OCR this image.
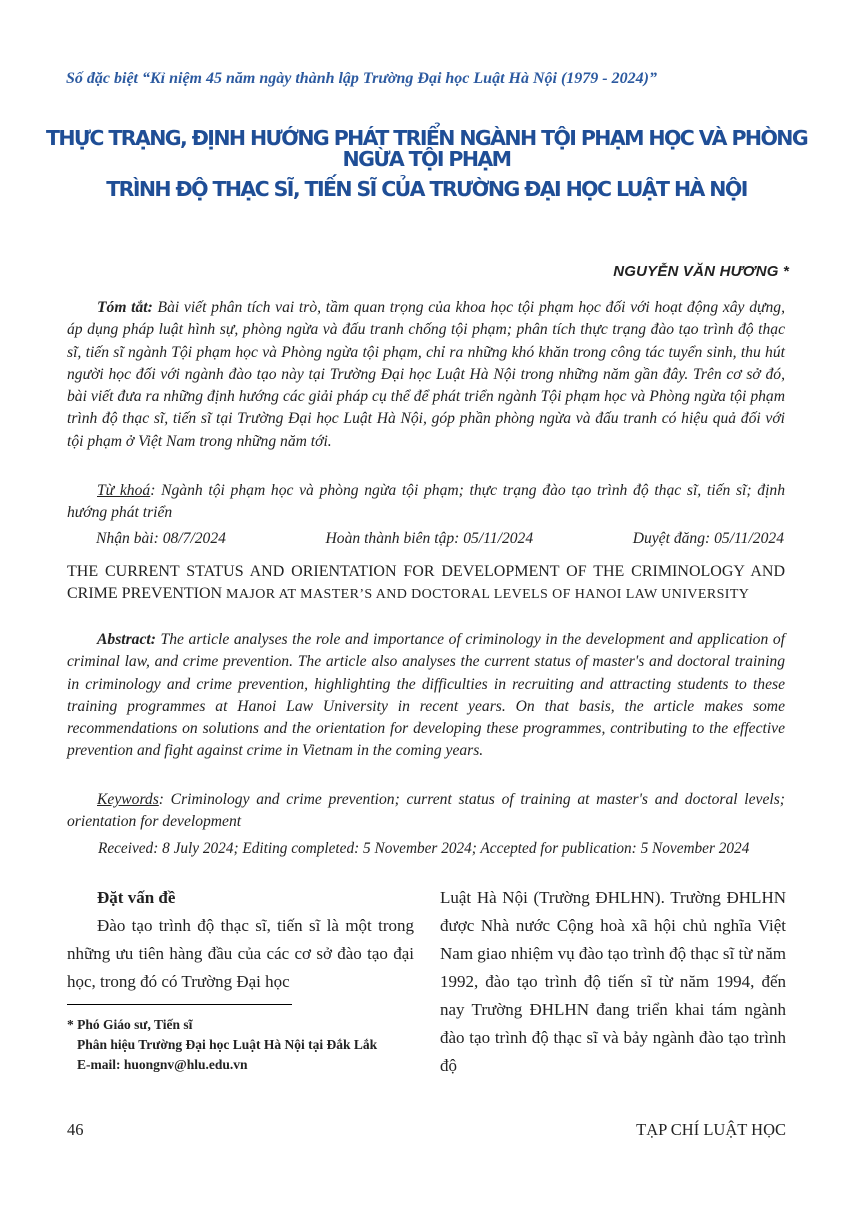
Số đặc biệt “Kỉ niệm 45 năm ngày thành lập Trường Đại học Luật Hà Nội (1979 - 2024)”
THỰC TRẠNG, ĐỊNH HƯỚNG PHÁT TRIỂN NGÀNH TỘI PHẠM HỌC VÀ PHÒNG NGỪA TỘI PHẠM
TRÌNH ĐỘ THẠC SĨ, TIẾN SĨ CỦA TRƯỜNG ĐẠI HỌC LUẬT HÀ NỘI
NGUYỄN VĂN HƯƠNG *
Tóm tắt: Bài viết phân tích vai trò, tầm quan trọng của khoa học tội phạm học đối với hoạt động xây dựng, áp dụng pháp luật hình sự, phòng ngừa và đấu tranh chống tội phạm; phân tích thực trạng đào tạo trình độ thạc sĩ, tiến sĩ ngành Tội phạm học và Phòng ngừa tội phạm, chỉ ra những khó khăn trong công tác tuyển sinh, thu hút người học đối với ngành đào tạo này tại Trường Đại học Luật Hà Nội trong những năm gần đây. Trên cơ sở đó, bài viết đưa ra những định hướng các giải pháp cụ thể để phát triển ngành Tội phạm học và Phòng ngừa tội phạm trình độ thạc sĩ, tiến sĩ tại Trường Đại học Luật Hà Nội, góp phần phòng ngừa và đấu tranh có hiệu quả đối với tội phạm ở Việt Nam trong những năm tới.
Từ khoá: Ngành tội phạm học và phòng ngừa tội phạm; thực trạng đào tạo trình độ thạc sĩ, tiến sĩ; định hướng phát triển
Nhận bài: 08/7/2024	Hoàn thành biên tập: 05/11/2024	Duyệt đăng: 05/11/2024
THE CURRENT STATUS AND ORIENTATION FOR DEVELOPMENT OF THE CRIMINOLOGY AND CRIME PREVENTION MAJOR AT MASTER’S AND DOCTORAL LEVELS OF HANOI LAW UNIVERSITY
Abstract: The article analyses the role and importance of criminology in the development and application of criminal law, and crime prevention. The article also analyses the current status of master's and doctoral training in criminology and crime prevention, highlighting the difficulties in recruiting and attracting students to these training programmes at Hanoi Law University in recent years. On that basis, the article makes some recommendations on solutions and the orientation for developing these programmes, contributing to the effective prevention and fight against crime in Vietnam in the coming years.
Keywords: Criminology and crime prevention; current status of training at master's and doctoral levels; orientation for development
Received: 8 July 2024; Editing completed: 5 November 2024; Accepted for publication: 5 November 2024
Đặt vấn đề
Đào tạo trình độ thạc sĩ, tiến sĩ là một trong những ưu tiên hàng đầu của các cơ sở đào tạo đại học, trong đó có Trường Đại học
* Phó Giáo sư, Tiến sĩ
Phân hiệu Trường Đại học Luật Hà Nội tại Đắk Lắk
E-mail: huongnv@hlu.edu.vn
Luật Hà Nội (Trường ĐHLHN). Trường ĐHLHN được Nhà nước Cộng hoà xã hội chủ nghĩa Việt Nam giao nhiệm vụ đào tạo trình độ thạc sĩ từ năm 1992, đào tạo trình độ tiến sĩ từ năm 1994, đến nay Trường ĐHLHN đang triển khai tám ngành đào tạo trình độ thạc sĩ và bảy ngành đào tạo trình độ
46	TẠP CHÍ LUẬT HỌC
